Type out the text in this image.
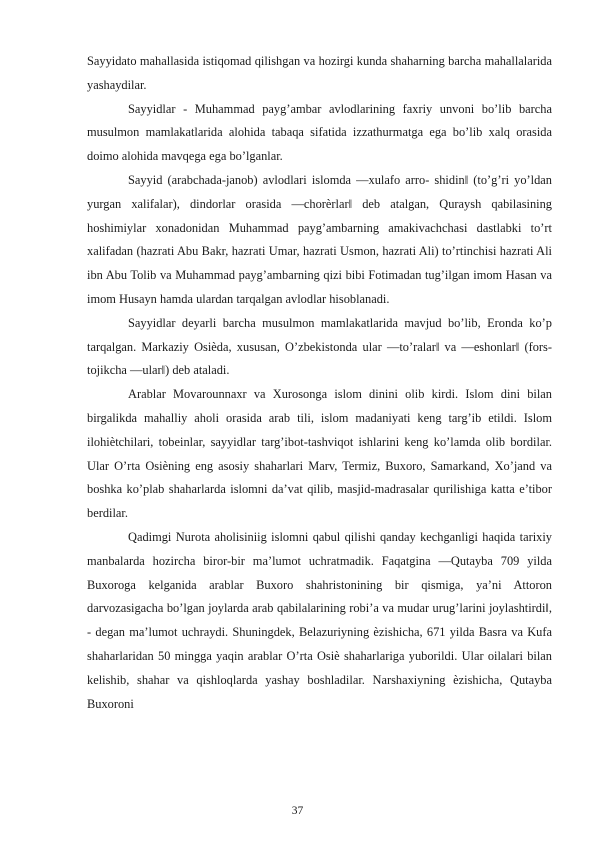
Sayyidato mahallasida istiqomad qilishgan va hozirgi kunda shaharning barcha mahallalarida yashaydilar.

Sayyidlar - Muhammad payg’ambar avlodlarining faxriy unvoni bo’lib barcha musulmon mamlakatlarida alohida tabaqa sifatida izzathurmatga ega bo’lib xalq orasida doimo alohida mavqega ega bo’lganlar.

Sayyid (arabchada-janob) avlodlari islomda ―xulafo arro- shidin‖ (to’g’ri yo’ldan yurgan xalifalar), dindorlar orasida ―chorѐrlar‖ deb atalgan, Quraysh qabilasining hoshimiylar xonadonidan Muhammad payg’ambarning amakivachchasi dastlabki to’rt xalifadan (hazrati Abu Bakr, hazrati Umar, hazrati Usmon, hazrati Ali) to’rtinchisi hazrati Ali ibn Abu Tolib va Muhammad payg’ambarning qizi bibi Fotimadan tug’ilgan imom Hasan va imom Husayn hamda ulardan tarqalgan avlodlar hisoblanadi.

Sayyidlar deyarli barcha musulmon mamlakatlarida mavjud bo’lib, Eronda ko’p tarqalgan. Markaziy Osiѐda, xususan, O’zbekistonda ular ―to’ralar‖ va ―eshonlar‖ (fors-tojikcha ―ular‖) deb ataladi.

Arablar Movarounnaxr va Xurosonga islom dinini olib kirdi. Islom dini bilan birgalikda mahalliy aholi orasida arab tili, islom madaniyati keng targ’ib etildi. Islom ilohiѐtchilari, tobeinlar, sayyidlar targ’ibot-tashviqot ishlarini keng ko’lamda olib bordilar. Ular O’rta Osiѐning eng asosiy shaharlari Marv, Termiz, Buxoro, Samarkand, Xo’jand va boshka ko’plab shaharlarda islomni da’vat qilib, masjid-madrasalar qurilishiga katta e’tibor berdilar.

Qadimgi Nurota aholisiniig islomni qabul qilishi qanday kechganligi haqida tarixiy manbalarda hozircha biror-bir ma’lumot uchratmadik. Faqatgina ―Qutayba 709 yilda Buxoroga kelganida arablar Buxoro shahristonining bir qismiga, ya’ni Attoron darvozasigacha bo’lgan joylarda arab qabilalarining robi’a va mudar urug’larini joylashtirdi‖, - degan ma’lumot uchraydi. Shuningdek, Belazuriyning ѐzishicha, 671 yilda Basra va Kufa shaharlaridan 50 mingga yaqin arablar O’rta Osiѐ shaharlariga yuborildi. Ular oilalari bilan kelishib, shahar va qishloqlarda yashay boshladilar. Narshaxiyning ѐzishicha, Qutayba Buxoroni

37
